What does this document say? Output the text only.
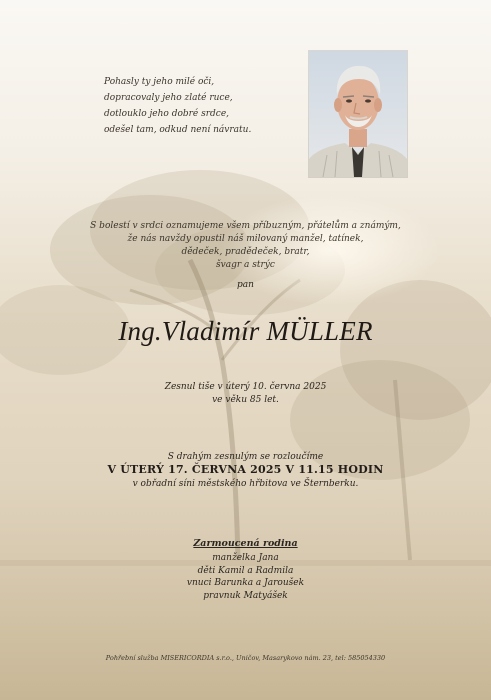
Pohasly ty jeho milé oči,
dopracovaly jeho zlaté ruce,
dotlouklo jeho dobré srdce,
odešel tam, odkud není návratu.
S bolestí v srdci oznamujeme všem příbuzným, přátelům a známým,
že nás navždy opustil náš milovaný manžel, tatínek,
dědeček, pradědeček, bratr,
švagr a strýc
pan
Ing.Vladimír MÜLLER
Zesnul tiše v úterý 10. června 2025
ve věku 85 let.
S drahým zesnulým se rozloučíme
V ÚTERÝ 17. ČERVNA 2025 V 11.15 HODIN
v obřadní síni městského hřbitova ve Šternberku.
Zarmoucená rodina
manželka Jana
děti Kamil a Radmila
vnuci Barunka a Jaroušek
pravnuk Matyášek
Pohřební služba MISERICORDIA s.r.o., Uničov, Masarykovo nám. 23, tel: 585054330
